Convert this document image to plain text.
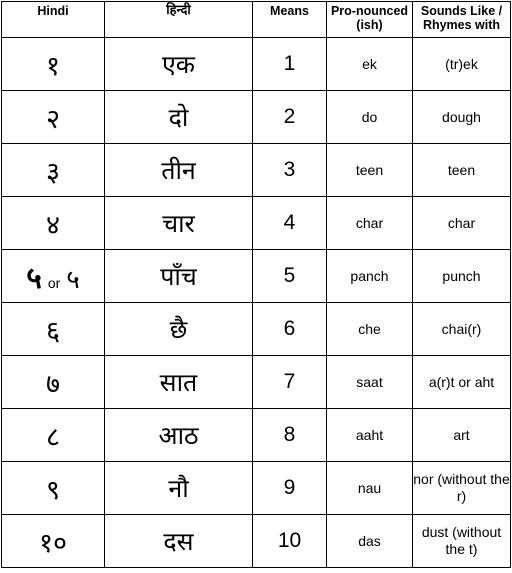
Hindi	हिन्दी	Means	Pro-nounced (ish)	Sounds Like / Rhymes with
१	एक	1	ek	(tr)ek
२	दो	2	do	dough
३	तीन	3	teen	teen
४	चार	4	char	char

५ or ५	पाँच	5	panch	punch
६	छै	6	che	chai(r)
७	सात	7	saat	a(r)t or aht
८	आठ	8	aaht	art
९	नौ	9	nau	nor (without the r)
१०	दस	10	das	dust (without the t)
